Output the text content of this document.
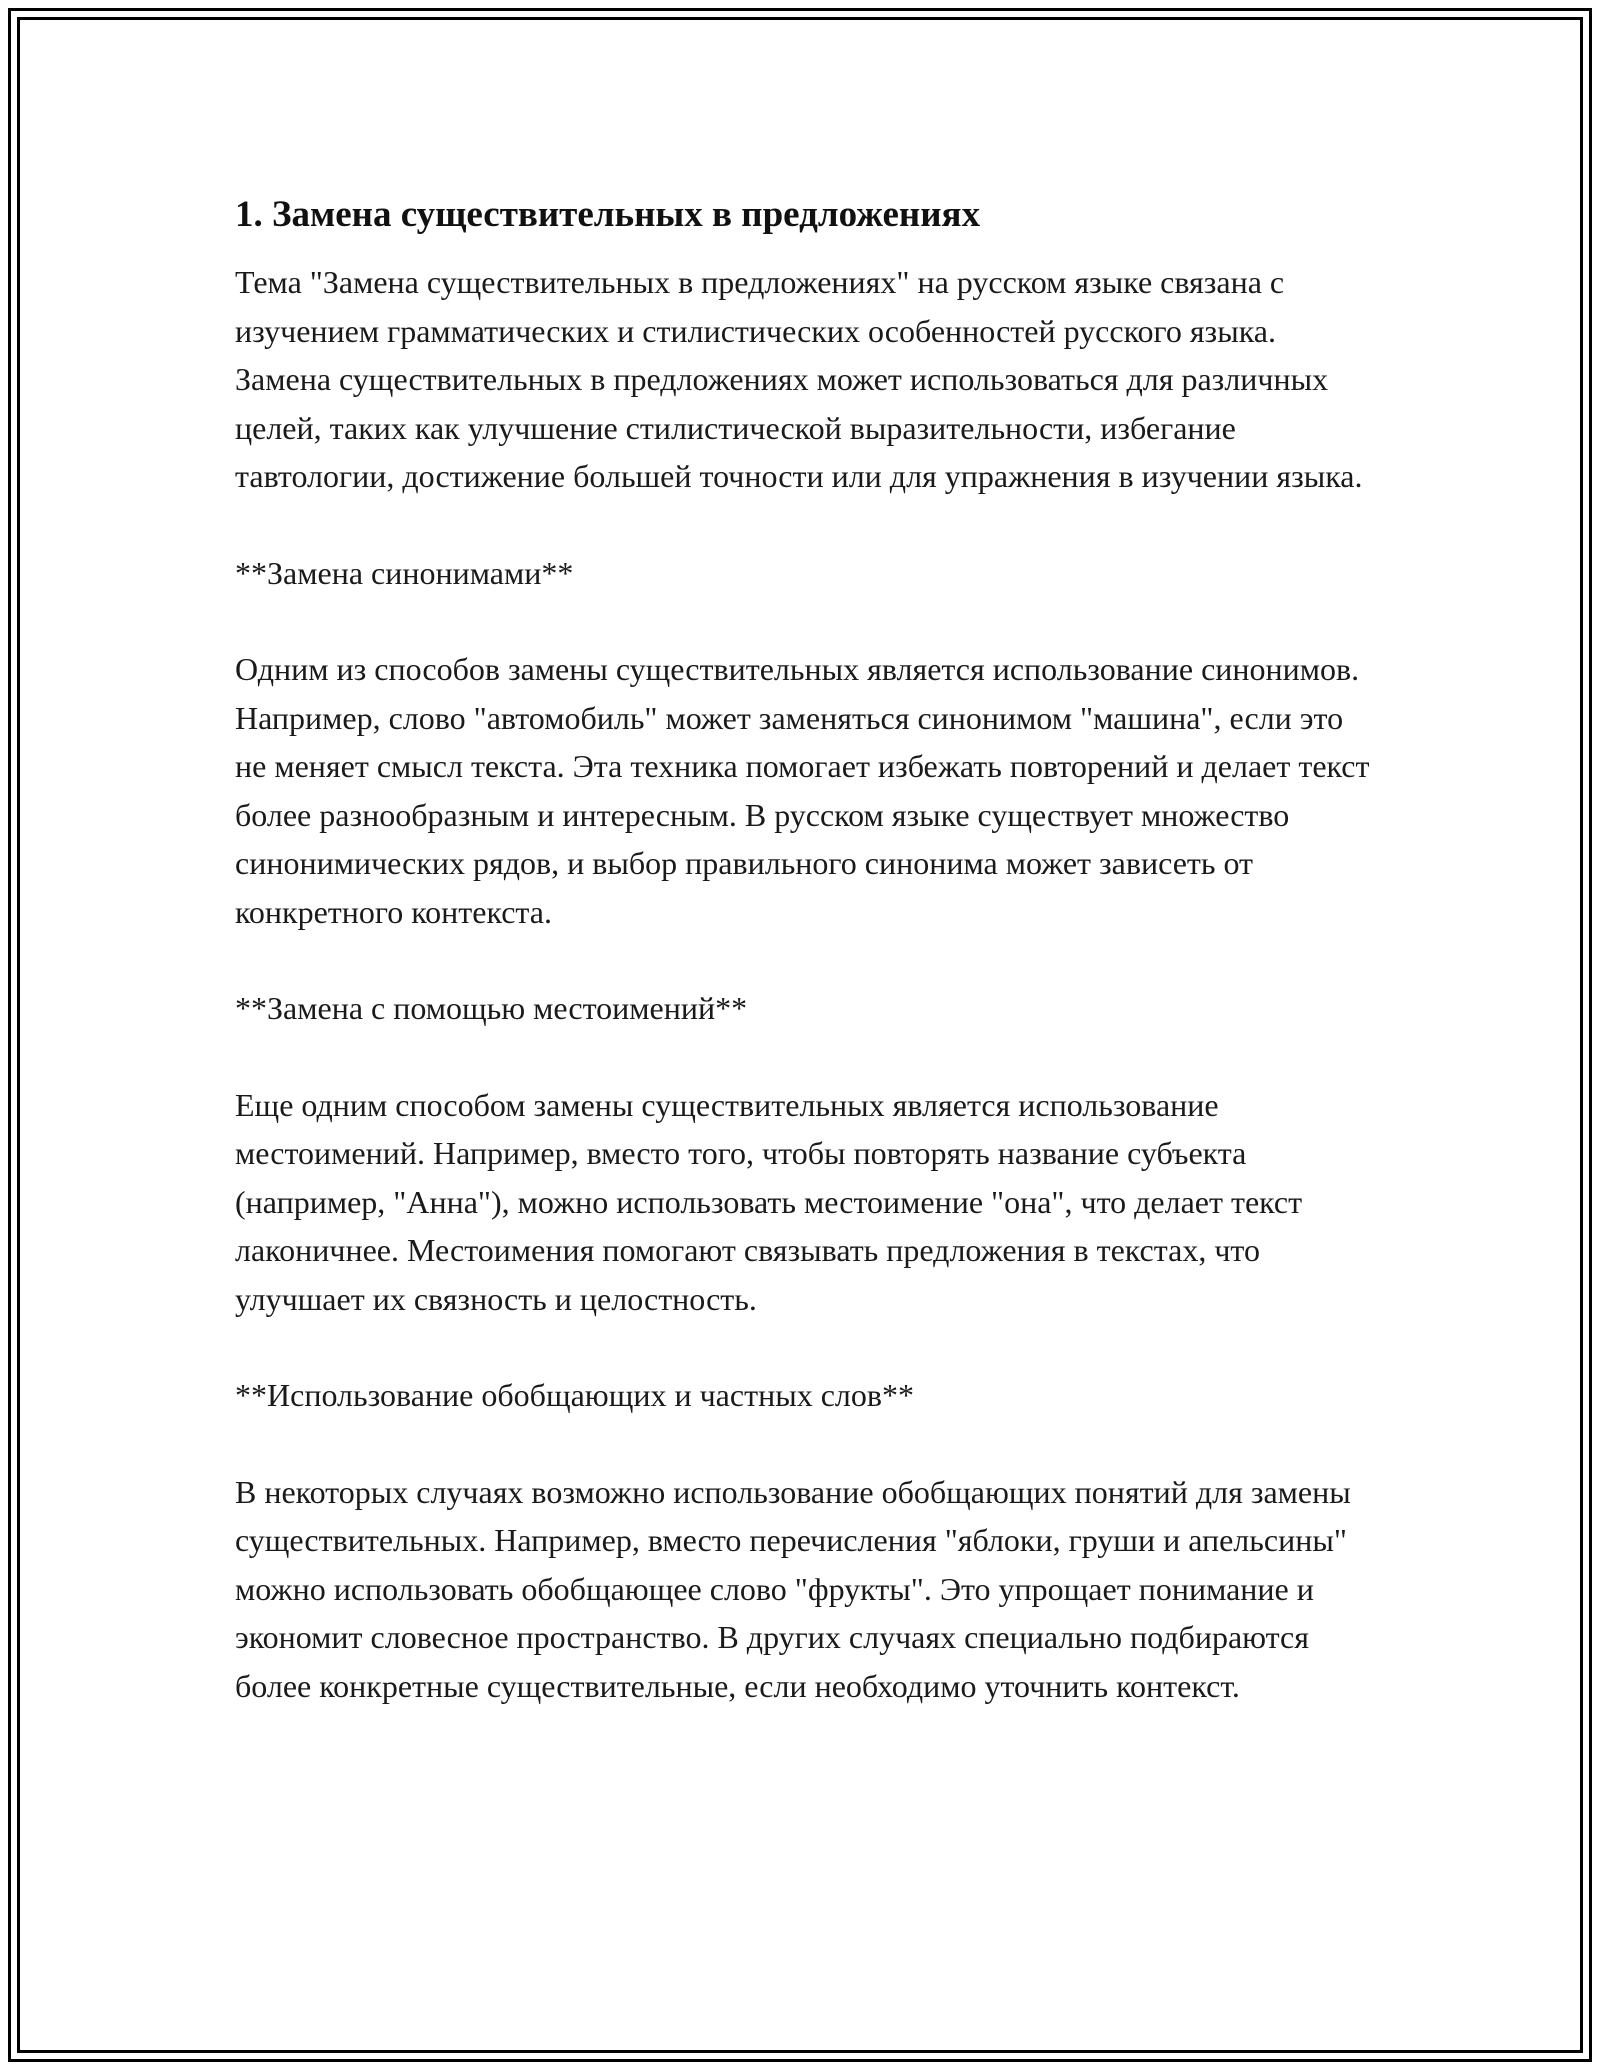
1. Замена существительных в предложениях

Тема "Замена существительных в предложениях" на русском языке связана с изучением грамматических и стилистических особенностей русского языка. Замена существительных в предложениях может использоваться для различных целей, таких как улучшение стилистической выразительности, избегание тавтологии, достижение большей точности или для упражнения в изучении языка.

**Замена синонимами**

Одним из способов замены существительных является использование синонимов. Например, слово "автомобиль" может заменяться синонимом "машина", если это не меняет смысл текста. Эта техника помогает избежать повторений и делает текст более разнообразным и интересным. В русском языке существует множество синонимических рядов, и выбор правильного синонима может зависеть от конкретного контекста.

**Замена с помощью местоимений**

Еще одним способом замены существительных является использование местоимений. Например, вместо того, чтобы повторять название субъекта (например, "Анна"), можно использовать местоимение "она", что делает текст лаконичнее. Местоимения помогают связывать предложения в текстах, что улучшает их связность и целостность.

**Использование обобщающих и частных слов**

В некоторых случаях возможно использование обобщающих понятий для замены существительных. Например, вместо перечисления "яблоки, груши и апельсины" можно использовать обобщающее слово "фрукты". Это упрощает понимание и экономит словесное пространство. В других случаях специально подбираются более конкретные существительные, если необходимо уточнить контекст.
